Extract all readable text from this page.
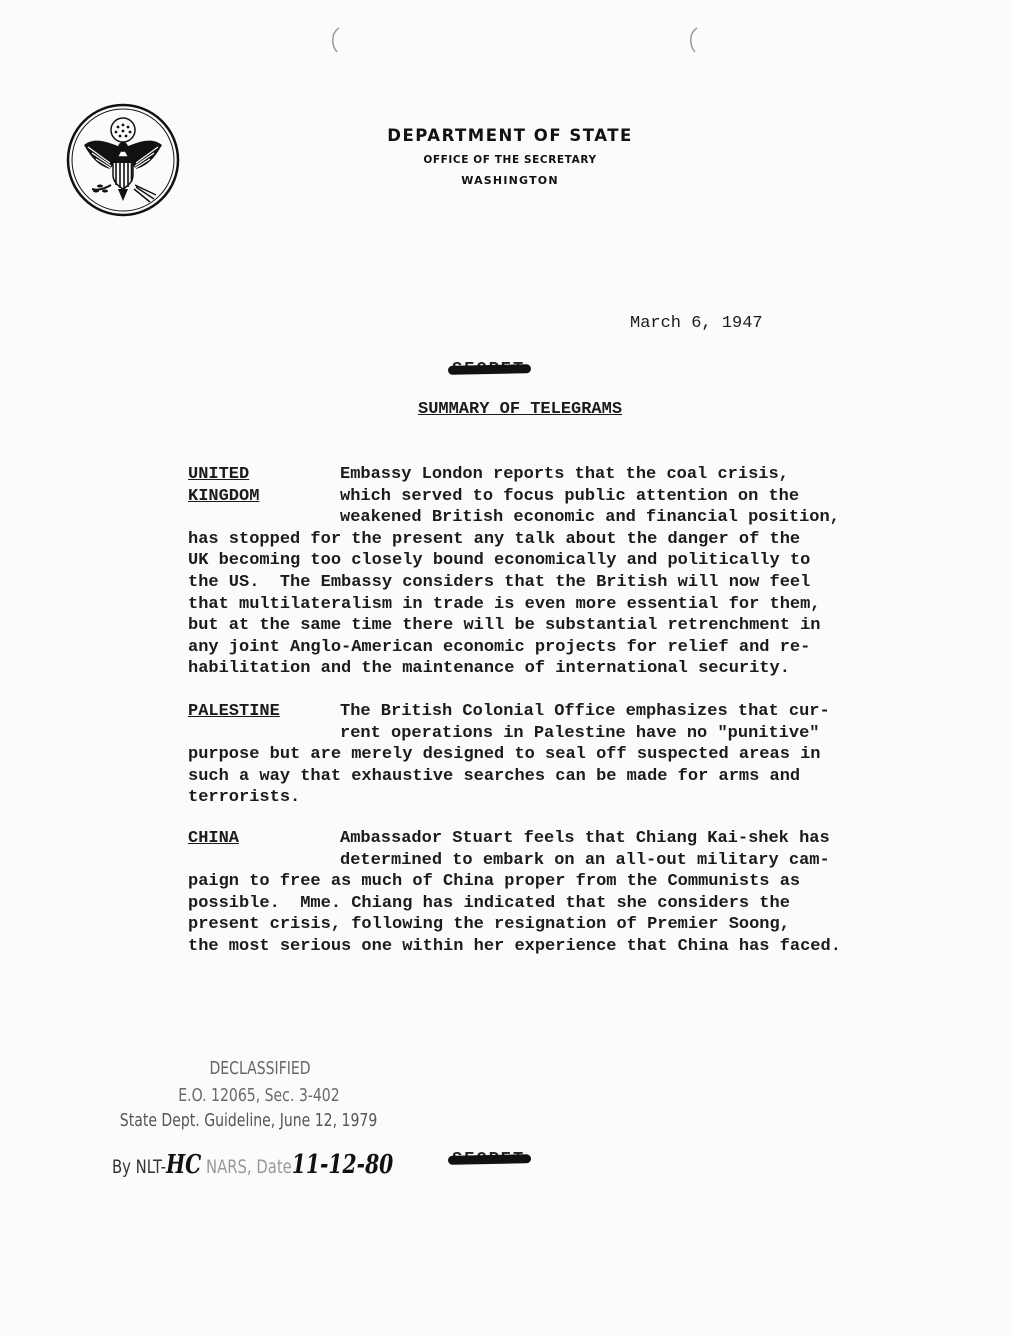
DEPARTMENT OF STATE
OFFICE OF THE SECRETARY
WASHINGTON
March 6, 1947
SUMMARY OF TELEGRAMS
UNITED
KINGDOM
Embassy London reports that the coal crisis,
which served to focus public attention on the
weakened British economic and financial position,
has stopped for the present any talk about the danger of the
UK becoming too closely bound economically and politically to
the US.  The Embassy considers that the British will now feel
that multilateralism in trade is even more essential for them,
but at the same time there will be substantial retrenchment in
any joint Anglo-American economic projects for relief and re-
habilitation and the maintenance of international security.
PALESTINE	The British Colonial Office emphasizes that cur-
rent operations in Palestine have no "punitive"
purpose but are merely designed to seal off suspected areas in
such a way that exhaustive searches can be made for arms and
terrorists.
CHINA	Ambassador Stuart feels that Chiang Kai-shek has
determined to embark on an all-out military cam-
paign to free as much of China proper from the Communists as
possible.  Mme. Chiang has indicated that she considers the
present crisis, following the resignation of Premier Soong,
the most serious one within her experience that China has faced.
DECLASSIFIED
E.O. 12065, Sec. 3-402
State Dept. Guideline, June 12, 1979
By NLT-HC NARS, Date11-12-80
